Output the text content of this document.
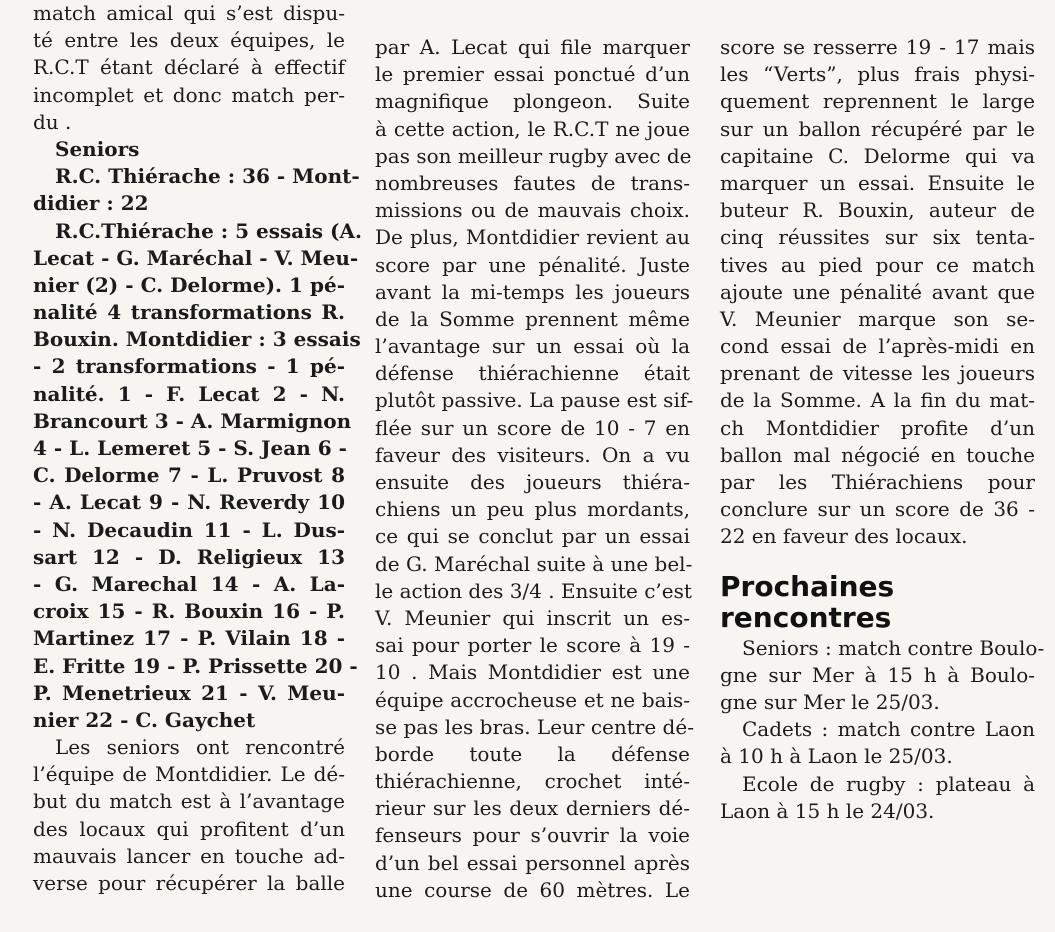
match amical qui s’est dispu-
té entre les deux équipes, le
R.C.T étant déclaré à effectif
incomplet et donc match per-
du .
Seniors
R.C. Thiérache : 36 - Mont-
didier : 22
R.C.Thiérache : 5 essais (A.
Lecat - G. Maréchal - V. Meu-
nier (2) - C. Delorme). 1 pé-
nalité 4 transformations R.
Bouxin. Montdidier : 3 essais
- 2 transformations - 1 pé-
nalité. 1 - F. Lecat 2 - N.
Brancourt 3 - A. Marmignon
4 - L. Lemeret 5 - S. Jean 6 -
C. Delorme 7 - L. Pruvost 8
- A. Lecat 9 - N. Reverdy 10
- N. Decaudin 11 - L. Dus-
sart 12 - D. Religieux 13
- G. Marechal 14 - A. La-
croix 15 - R. Bouxin 16 - P.
Martinez 17 - P. Vilain 18 -
E. Fritte 19 - P. Prissette 20 -
P. Menetrieux 21 - V. Meu-
nier 22 - C. Gaychet
Les seniors ont rencontré
l’équipe de Montdidier. Le dé-
but du match est à l’avantage
des locaux qui profitent d’un
mauvais lancer en touche ad-
verse pour récupérer la balle
par A. Lecat qui file marquer
le premier essai ponctué d’un
magnifique plongeon. Suite
à cette action, le R.C.T ne joue
pas son meilleur rugby avec de
nombreuses fautes de trans-
missions ou de mauvais choix.
De plus, Montdidier revient au
score par une pénalité. Juste
avant la mi-temps les joueurs
de la Somme prennent même
l’avantage sur un essai où la
défense thiérachienne était
plutôt passive. La pause est sif-
flée sur un score de 10 - 7 en
faveur des visiteurs. On a vu
ensuite des joueurs thiéra-
chiens un peu plus mordants,
ce qui se conclut par un essai
de G. Maréchal suite à une bel-
le action des 3/4 . Ensuite c’est
V. Meunier qui inscrit un es-
sai pour porter le score à 19 -
10 . Mais Montdidier est une
équipe accrocheuse et ne bais-
se pas les bras. Leur centre dé-
borde toute la défense
thiérachienne, crochet inté-
rieur sur les deux derniers dé-
fenseurs pour s’ouvrir la voie
d’un bel essai personnel après
une course de 60 mètres. Le
score se resserre 19 - 17 mais
les “Verts”, plus frais physi-
quement reprennent le large
sur un ballon récupéré par le
capitaine C. Delorme qui va
marquer un essai. Ensuite le
buteur R. Bouxin, auteur de
cinq réussites sur six tenta-
tives au pied pour ce match
ajoute une pénalité avant que
V. Meunier marque son se-
cond essai de l’après-midi en
prenant de vitesse les joueurs
de la Somme. A la fin du mat-
ch Montdidier profite d’un
ballon mal négocié en touche
par les Thiérachiens pour
conclure sur un score de 36 -
22 en faveur des locaux.
Prochaines
rencontres
Seniors : match contre Boulo-
gne sur Mer à 15 h à Boulo-
gne sur Mer le 25/03.
Cadets : match contre Laon
à 10 h à Laon le 25/03.
Ecole de rugby : plateau à
Laon à 15 h le 24/03.
